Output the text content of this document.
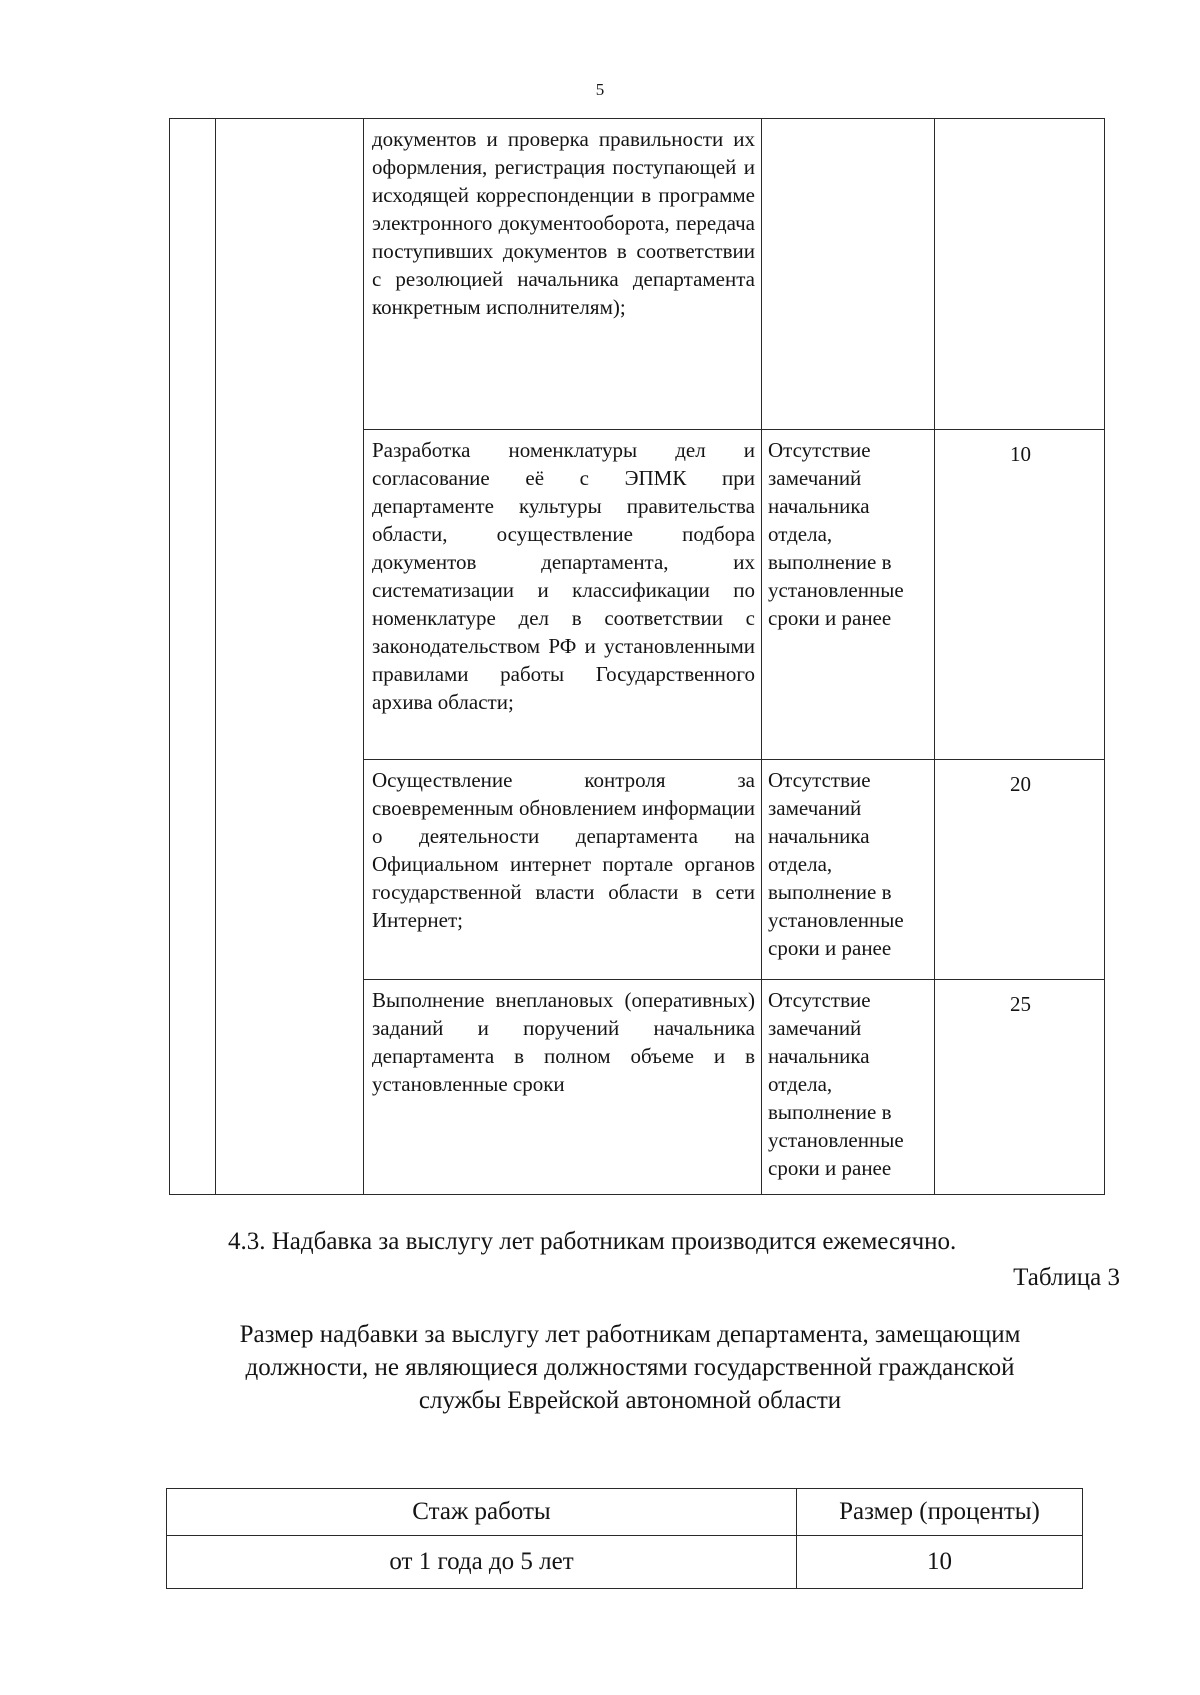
5
		документов и проверка правильности их оформления, регистрация поступающей и исходящей корреспонденции в программе электронного документооборота, передача поступивших документов в соответствии с резолюцией начальника департамента конкретным исполнителям);		
		Разработка номенклатуры дел и согласование её с ЭПМК при департаменте культуры правительства области, осуществление подбора документов департамента, их систематизации и классификации по номенклатуре дел в соответствии с законодательством РФ и установленными правилами работы Государственного архива области;	Отсутствие замечаний начальника отдела, выполнение в установленные сроки и ранее	10
		Осуществление контроля за своевременным обновлением информации о деятельности департамента на Официальном интернет портале органов государственной власти области в сети Интернет;	Отсутствие замечаний начальника отдела, выполнение в установленные сроки и ранее	20
		Выполнение внеплановых (оперативных) заданий и поручений начальника департамента в полном объеме и в установленные сроки	Отсутствие замечаний начальника отдела, выполнение в установленные сроки и ранее	25
4.3. Надбавка за выслугу лет работникам производится ежемесячно.
Таблица 3
Размер надбавки за выслугу лет работникам департамента, замещающим должности, не являющиеся должностями государственной гражданской службы Еврейской автономной области
Стаж работы	Размер (проценты)
от 1 года до 5 лет	10
